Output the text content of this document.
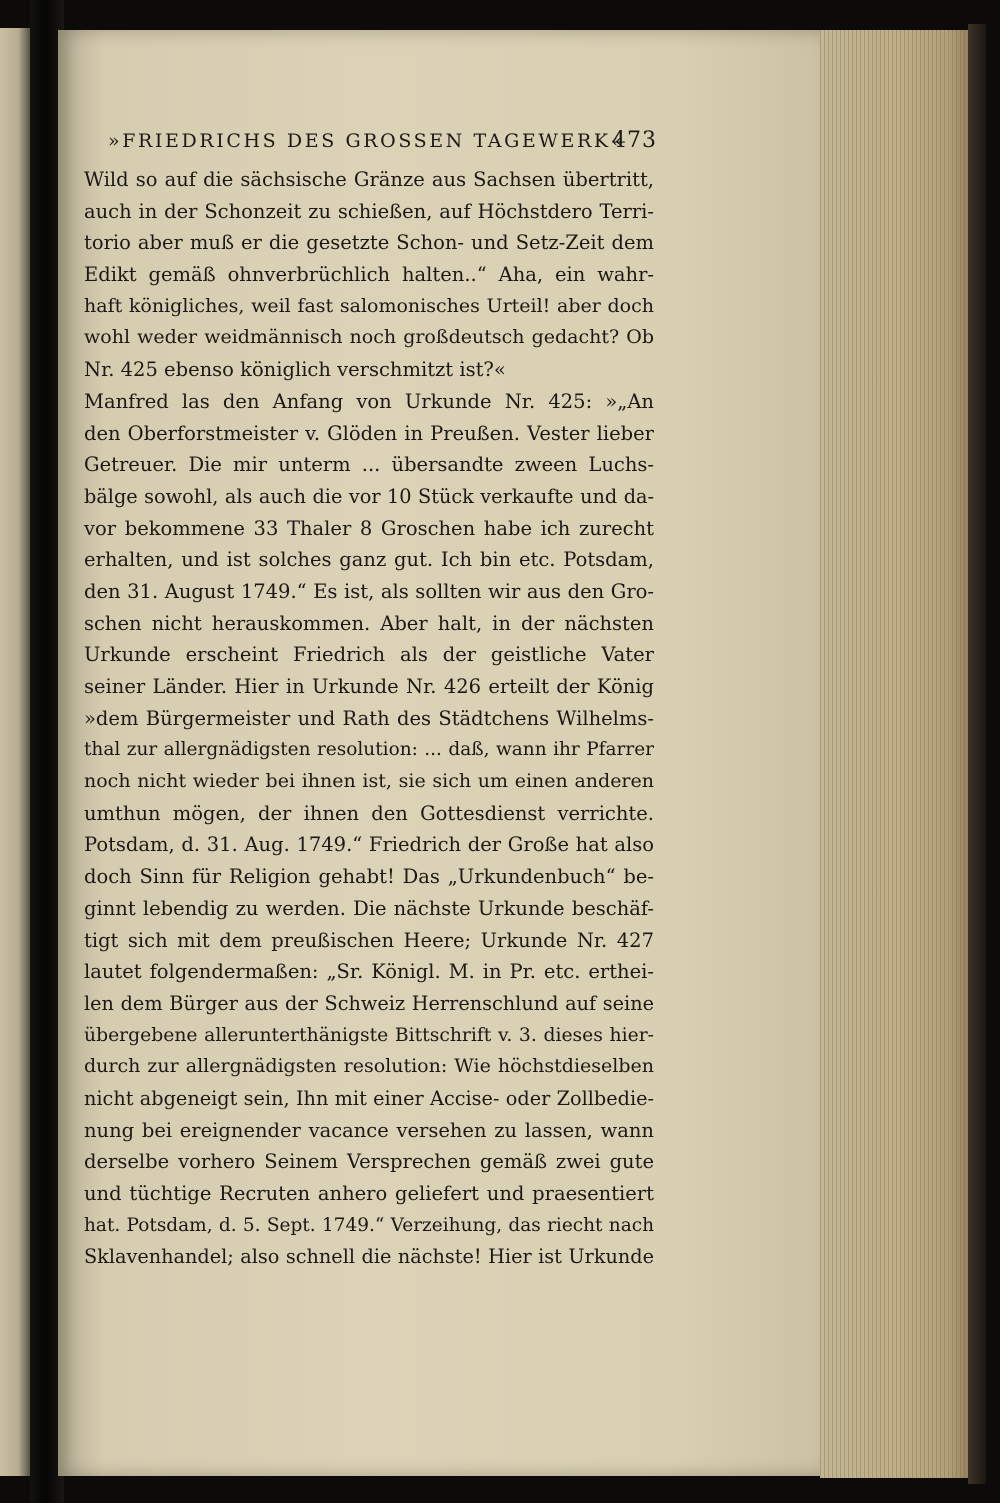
»FRIEDRICHS DES GROSSEN TAGEWERK«
473
Wild so auf die sächsische Gränze aus Sachsen übertritt,
auch in der Schonzeit zu schießen, auf Höchstdero Terri-
torio aber muß er die gesetzte Schon- und Setz-Zeit dem
Edikt gemäß ohnverbrüchlich halten..“ Aha, ein wahr-
haft königliches, weil fast salomonisches Urteil! aber doch
wohl weder weidmännisch noch großdeutsch gedacht? Ob
Nr. 425 ebenso königlich verschmitzt ist?«
Manfred las den Anfang von Urkunde Nr. 425: »„An
den Oberforstmeister v. Glöden in Preußen. Vester lieber
Getreuer. Die mir unterm ... übersandte zween Luchs-
bälge sowohl, als auch die vor 10 Stück verkaufte und da-
vor bekommene 33 Thaler 8 Groschen habe ich zurecht
erhalten, und ist solches ganz gut. Ich bin etc. Potsdam,
den 31. August 1749.“ Es ist, als sollten wir aus den Gro-
schen nicht herauskommen. Aber halt, in der nächsten
Urkunde erscheint Friedrich als der geistliche Vater
seiner Länder. Hier in Urkunde Nr. 426 erteilt der König
»dem Bürgermeister und Rath des Städtchens Wilhelms-
thal zur allergnädigsten resolution: ... daß, wann ihr Pfarrer
noch nicht wieder bei ihnen ist, sie sich um einen anderen
umthun mögen, der ihnen den Gottesdienst verrichte.
Potsdam, d. 31. Aug. 1749.“ Friedrich der Große hat also
doch Sinn für Religion gehabt! Das „Urkundenbuch“ be-
ginnt lebendig zu werden. Die nächste Urkunde beschäf-
tigt sich mit dem preußischen Heere; Urkunde Nr. 427
lautet folgendermaßen: „Sr. Königl. M. in Pr. etc. erthei-
len dem Bürger aus der Schweiz Herrenschlund auf seine
übergebene allerunterthänigste Bittschrift v. 3. dieses hier-
durch zur allergnädigsten resolution: Wie höchstdieselben
nicht abgeneigt sein, Ihn mit einer Accise- oder Zollbedie-
nung bei ereignender vacance versehen zu lassen, wann
derselbe vorhero Seinem Versprechen gemäß zwei gute
und tüchtige Recruten anhero geliefert und praesentiert
hat. Potsdam, d. 5. Sept. 1749.“ Verzeihung, das riecht nach
Sklavenhandel; also schnell die nächste! Hier ist Urkunde
